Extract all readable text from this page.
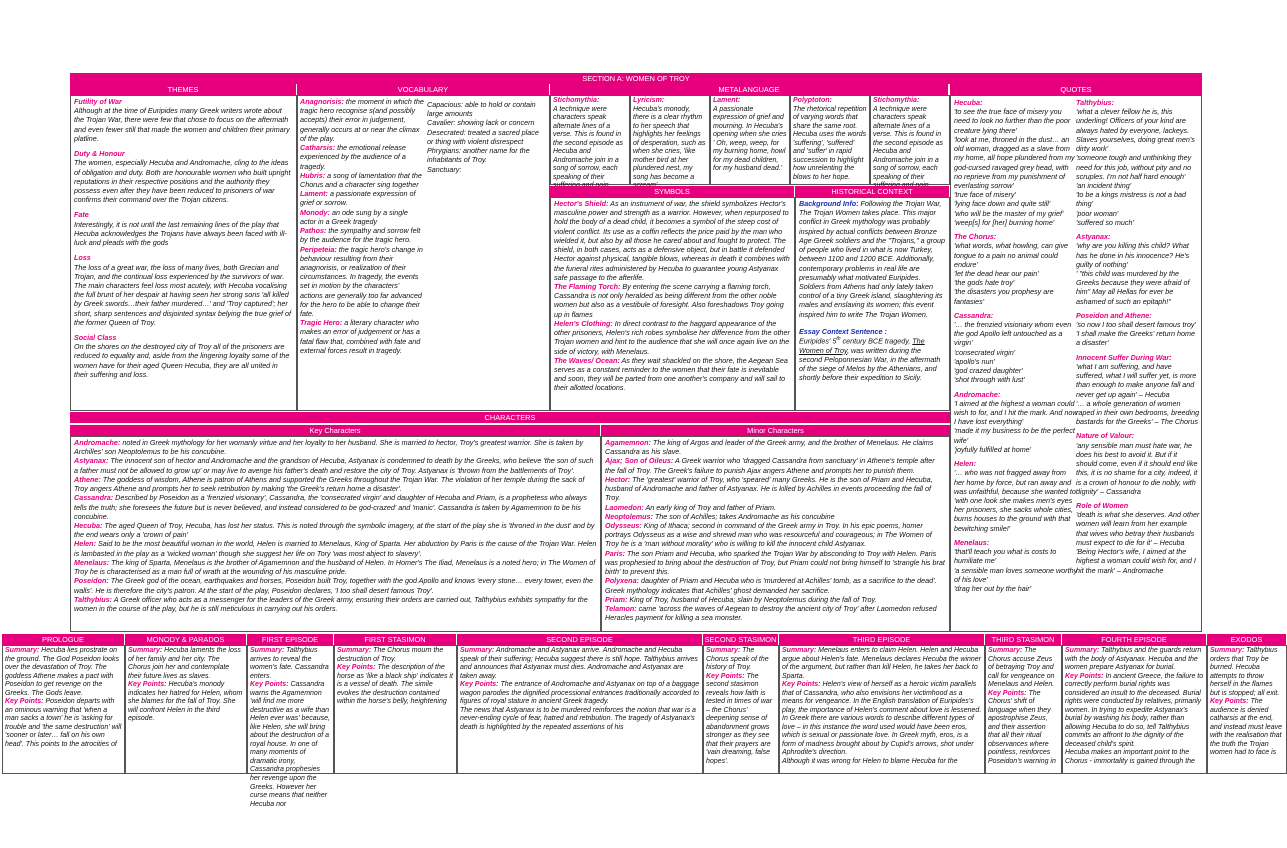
SECTION A: WOMEN OF TROY
THEMES	VOCABULARY	METALANGUAGE	QUOTES
Futility of War
Although at the time of Euripides many Greek writers wrote about the Trojan War, there were few that chose to focus on the aftermath and even fewer still that made the women and children their primary platline.
Duty & Honour
The women, especially Hecuba and Andromache, cling to the ideas of obligation and duty. Both are honourable women who built upright reputations in their respective positions and the authority they possess even after they have been reduced to prisoners of war confirms their command over the Trojan citizens.
Fate
Interestingly, it is not until the last remaining lines of the play that Hecuba acknowledges the Trojans have always been faced with ill-luck and pleads with the gods
Loss
The loss of a great war, the loss of many lives, both Grecian and Trojan, and the continual loss experienced by the survivors of war. The main characters feel loss most acutely, with Hecuba vocalising the full brunt of her despair at having seen her strong sons 'all killed by Greek swords…their father murdered…' and 'Troy captured'; her short, sharp sentences and disjointed syntax belying the true grief of the former Queen of Troy.
Social Class
On the shores on the destroyed city of Troy all of the prisoners are reduced to equality and, aside from the lingering loyalty some of the women have for their aged Queen Hecuba, they are all united in their suffering and loss.
Anagnorisis: the moment in which the tragic hero recognise s(and possibly accepts) their error in judgement, generally occurs at or near the climax of the play.
Catharsis: the emotional release experienced by the audience of a tragedy.
Hubris: a song of lamentation that the Chorus and a character sing together
Lament: a passionate expression of grief or sorrow.
Monody: an ode sung by a single actor in a Greek tragedy
Pathos: the sympathy and sorrow felt by the audience for the tragic hero.
Peripeteia: the tragic hero's change in behaviour resulting from their anagnorisis, or realization of their circumstances. In tragedy, the events set in motion by the characters' actions are generally too far advanced for the hero to be able to change their fate.
Tragic Hero: a literary character who makes an error of judgement or has a fatal flaw that, combined with fate and external forces result in tragedy.
Capacious: able to hold or contain large amounts
Cavalier: showing lack or concern
Desecrated: treated a sacred place or thing with violent disrespect
Phrygians: another name for the inhabitants of Troy.
Sanctuary:
Stichomythia:
A technique were characters speak alternate lines of a verse. This is found in the second episode as Hecuba and Andromache join in a song of sorrow, each speaking of their
Lyricism:
Hecuba's monody, there is a clear rhythm to her speech that highlights her feelings of desperation, such as when she cries, 'like mother bird at her plundered nest, my song has become a
Lament:
A passionate expression of grief and mourning. In Hecuba's opening when she cries ' Oh, weep, weep, for my burning home, howl for my dead children, for my husband dead.'
Polyptoton:
The rhetorical repetition of varying words that share the same root. Hecuba uses the words 'suffering', 'suffered' and 'suffer' in rapid succession to highlight how unrelenting the blows to her hope.
Stichomythia:
A technique were characters speak alternate lines of a verse. This is found in the second episode as Hecuba and Andromache join in a song of sorrow, each speaking of their
SYMBOLS	HISTORICAL CONTEXT
Hector's Shield: As an instrument of war, the shield symbolizes Hector's masculine power and strength as a warrior. However, when repurposed to hold the body of a dead child, it becomes a symbol of the steep cost of violent conflict. Its use as a coffin reflects the price paid by the man who wielded it, but also by all those he cared about and fought to protect. The shield, in both cases, acts as a defensive object, but in battle it defended Hector against physical, tangible blows, whereas in death it combines with the funeral rites administered by Hecuba to guarantee young Astyanax safe passage to the afterlife.
The Flaming Torch: By entering the scene carrying a flaming torch, Cassandra is not only heralded as being different from the other noble women but also as a vestibule of foresight. Also foreshadows Troy going up in flames
Helen's Clothing: In direct contrast to the haggard appearance of the other prisoners, Helen's rich robes symbolise her difference from the other Trojan women and hint to the audience that she will once again live on the side of victory, with Menelaus.
The Waves/ Ocean: As they wait shackled on the shore, the Aegean Sea serves as a constant reminder to the women that their fate is inevitable and soon, they will be parted from one another's company and will sail to their allotted locations.
Background Info: Following the Trojan War, The Trojan Women takes place. This major conflict in Greek mythology was probably inspired by actual conflicts between Bronze Age Greek soldiers and the "Trojans," a group of people who lived in what is now Turkey, between 1100 and 1200 BCE. Additionally, contemporary problems in real life are presumably what motivated Euripides. Soldiers from Athens had only lately taken control of a tiny Greek island, slaughtering its males and enslaving its women; this event inspired him to write The Trojan Women.
Essay Context Sentence :
Euripides' 5th century BCE tragedy, The Women of Troy, was written during the second Peloponnesian War, in the aftermath of the siege of Melos by the Athenians, and shortly before their expedition to Sicily.
Hecuba:
'to see the true face of misery you need to look no further than the poor creature lying there'
'look at me, throned in the dust… an old woman, dragged as a slave from my home, all hope plundered from my god-cursed ravaged grey head, with no reprieve from my punishment of everlasting sorrow'
'true face of misery'
'lying face down and quite still'
'who will be the master of my grief'
'weep[s] for [her] burning home'
The Chorus:
'what words, what howling, can give tongue to a pain no animal could endure'
'let the dead hear our pain'
'the gods hate troy'
'the disasters you prophesy are fantasies'
Cassandra:
'… the frenzied visionary whom even the god Apollo left untouched as a virgin'
'consecrated virgin'
'apollo's nun'
'god crazed daughter'
'shot through with lust'
Andromache:
'I aimed at the highest a woman could wish to for, and I hit the mark. And now I have lost everything'
'made it my business to be the perfect wife'
'joyfully fulfilled at home'
Helen:
'… who was not fragged away from her home by force, but ran away and was unfaithful, because she wanted to'
'with one look she makes men's eyes her prisoners, she sacks whole cities, burns houses to the ground with that bewitching smile!'
Menelaus:
'that'll teach you what is costs to humiliate me'
'a sensible man loves someone worthy of his love'
'drag her out by the hair'
Talthybius:
'what a clever fellow he is, this underling! Officers of your kind are always hated by everyone, lackeys. Slaves yourselves, doing great men's dirty work'
'someone tough and unthinking they need for this job, without pity and no scruples. I'm not half hard enough'
'an incident thing'
'to be a kings mistress is not a bad thing'
'poor woman'
'suffered so much'
Astyanax:
'why are you killing this child? What has he done in his innocence? He's guilty of nothing'
' "this child was murdered by the Greeks because they were afraid of him" May all Hellas for ever be ashamed of such an epitaph!"
Poseidon and Athene:
'so now I too shall desert famous troy'
'I shall make the Greeks' return home a disaster'
Innocent Suffer During War:
'what I am suffering, and have suffered, what I will suffer yet, is more than enough to make anyone fall and never get up again' – Hecuba
'… a whole generation of women raped in their own bedrooms, breeding bastards for the Greeks' – The Chorus
Nature of Valour:
'any sensible man must hate war, he does his best to avoid it. But if it should come, even if it should end like this, it is no shame for a city, indeed, it is a crown of honour to die nobly, with dignity' – Cassandra
Role of Women
'death is what she deserves. And other women will learn from her example that wives who betray their husbands must expect to die for it' – Hecuba
'Being Hector's wife, I aimed at the highest a woman could wish for, and I hit the mark' – Andromache
CHARACTERS
Key Characters	Minor Characters
Andromache: noted in Greek mythology for her womanly virtue and her loyalty to her husband. She is married to hector, Troy's greatest warrior. She is taken by Archilles' son Neoptolemus to be his concubine.
Astyanax: The innocent son of hector and Andromache and the grandson of Hecuba, Astyanax is condemned to death by the Greeks, who believe 'the son of such a father must not be allowed to grow up' or may live to avenge his father's death and restore the city of Troy. Astyanax is 'thrown from the battlements of Troy'.
Athene: The goddess of wisdom, Athene is patron of Athens and supported the Greeks throughout the Trojan War. The violation of her temple during the sack of Troy angers Athene and prompts her to seek retribution by making 'the Greek's return home a disaster'.
Cassandra: Described by Poseidon as a 'frenzied visionary', Cassandra, the 'consecrated virgin' and daughter of Hecuba and Priam, is a prophetess who always tells the truth; she foresees the future but is never believed, and instead considered to be god-crazed' and 'manic'. Cassandra is taken by Agamemnon to be his concubine.
Hecuba: The aged Queen of Troy, Hecuba, has lost her status. This is noted through the symbolic imagery, at the start of the play she is 'throned in the dust' and by the end wears only a 'crown of pain'
Helen: Said to be the most beautiful woman in the world, Helen is married to Menelaus, King of Sparta. Her abduction by Paris is the cause of the Trojan War. Helen is lambasted in the play as a 'wicked woman' though she suggest her life on Tory 'was most abject to slavery'.
Menelaus: The king of Sparta, Menelaus is the brother of Agamemnon and the husband of Helen. In Homer's The Iliad, Menelaus is a noted hero; in The Women of Troy he is characterised as a man full of wrath at the wounding of his masculine pride.
Poseidon: The Greek god of the ocean, earthquakes and horses, Poseidon built Troy, together with the god Apollo and knows 'every stone… every tower, even the walls'. He is therefore the city's patron. At the start of the play, Poseidon declares, 'I too shall desert famous Troy'.
Talthybius: A Greek officer who acts as a messenger for the leaders of the Greek army, ensuring their orders are carried out, Talthybius exhibits sympathy for the women in the course of the play, but he is still meticulous in carrying out his orders.
Agamemnon: The king of Argos and leader of the Greek army, and the brother of Menelaus. He claims Cassandra as his slave.
Ajax; Son of Oileus: A Greek warrior who 'dragged Cassandra from sanctuary' in Athene's temple after the fall of Troy. The Greek's failure to punish Ajax angers Athene and prompts her to punish them.
Hector: The 'greatest' warrior of Troy, who 'speared' many Greeks. He is the son of Priam and Hecuba, husband of Andromache and father of Astyanax. He is killed by Achilles in events proceeding the fall of Troy.
Laomedon: An early king of Troy and father of Priam.
Neoptolemus: The son of Achilles; takes Andromache as his concubine
Odysseus: King of Ithaca; second in command of the Greek army in Troy. In his epic poems, homer portrays Odysseus as a wise and shrewd man who was resourceful and courageous; in The Women of Troy he is a 'man without morality' who is willing to kill the innocent child Astyanax.
Paris: The son Priam and Hecuba, who sparked the Trojan War by absconding to Troy with Helen. Paris was prophesied to bring about the destruction of Troy, but Priam could not bring himself to 'strangle his brat birth' to prevent this.
Polyxena: daughter of Priam and Hecuba who is 'murdered at Achilles' tomb, as a sacrifice to the dead'. Greek mythology indicates that Achilles' ghost demanded her sacrifice.
Priam: King of Troy, husband of Hecuba; slain by Neoptolemus during the fall of Troy.
Telamon: came 'across the waves of Aegean to destroy the ancient city of Troy' after Laomedon refused Heracles payment for killing a sea monster.
PROLOGUE
Summary: Hecuba lies prostrate on the ground. The God Poseidon looks over the devastation of Troy. The goddess Athene makes a pact with Poseidon to get revenge on the Greeks. The Gods leave.
Key Points: Poseidon departs with an ominous warning that 'when a man sacks a town' he is 'asking for trouble and 'the same destruction' will 'sooner or later… fall on his own head'. This points to the atrocities of
MONODY & PARADOS
Summary: Hecuba laments the loss of her family and her city. The Chorus join her and contemplate their future lives as slaves.
Key Points: Hecuba's monody indicates her hatred for Helen, whom she blames for the fall of Troy. She will confront Helen in the third episode.
FIRST EPISODE
Summary: Talthybius arrives to reveal the women's fate. Cassandra enters.
Key Points: Cassandra warns the Agamemnon 'will find me more destructive as a wife than Helen ever was' because, like Helen, she will bring about the destruction of a royal house. In one of many moments of dramatic irony, Cassandra prophesies her revenge upon the Greeks. However her curse means that neither Hecuba nor
FIRST STASIMON
Summary: The Chorus mourn the destruction of Troy.
Key Points: The description of the horse as 'like a black ship' indicates it is a vessel of death. The simile evokes the destruction contained within the horse's belly, heightening
SECOND EPISODE
Summary: Andromache and Astyanax arrive. Andromache and Hecuba speak of their suffering; Hecuba suggest there is still hope. Talthybius arrives and announces that Astyanax must dies. Andromache and Astyanax are taken away.
Key Points: The entrance of Andromache and Astyanax on top of a baggage wagon parodies the dignified processional entrances traditionally accorded to figures of royal stature in ancient Greek tragedy.
The news that Astyanax is to be murdered reinforces the notion that war is a never-ending cycle of fear, hatred and retribution. The tragedy of Astyanax's death is highlighted by the repeated assertions of his
SECOND STASIMON
Summary: The Chorus speak of the history of Troy.
Key Points: The second stasimon reveals how faith is tested in times of war – the Chorus' deepening sense of abandonment grows stronger as they see that their prayers are 'vain dreaming, false hopes'.
THIRD EPISODE
Summary: Menelaus enters to claim Helen. Helen and Hecuba argue about Helen's fate. Menelaus declares Hecuba the winner of the argument, but rather than kill Helen, he takes her back to Sparta.
Key Points: Helen's view of herself as a heroic victim parallels that of Cassandra, who also envisions her victimhood as a means for vengeance. In the English translation of Euripides's play, the importance of Helen's comment about love is lessened. In Greek there are various words to describe different types of love – in this instance the word used would have been eros, which is sexual or passionate love. In Greek myth, eros, is a form of madness brought about by Cupid's arrows, shot under Aphrodite's direction.
Although it was wrong for Helen to blame Hecuba for the
THIRD STASIMON
Summary: The Chorus accuse Zeus of betraying Troy and call for vengeance on Menelaus and Helen.
Key Points: The Chorus' shift of language when they apostrophise Zeus, and their assertion that all their ritual observances where pointless, reinforces Poseidon's warning in
FOURTH EPISODE
Summary: Talthybius and the guards return with the body of Astyanax. Hecuba and the women prepare Astyanax for burial.
Key Points: In ancient Greece, the failure to correctly perform burial rights was considered an insult to the deceased. Burial rights were conducted by relatives, primarily women. In trying to expedite Astyanax's burial by washing his body, rather than allowing Hecuba to do so, tell Talthybius commits an affront to the dignity of the deceased child's spirit.
Hecuba makes an important point to the Chorus - immortality is gained through the
EXODOS
Summary: Talthybius orders that Troy be burned. Hecuba attempts to throw herself in the flames but is stopped; all exit.
Key Points: The audience is denied catharsis at the end, and instead must leave with the realisation that the truth the Trojan women had to face is
